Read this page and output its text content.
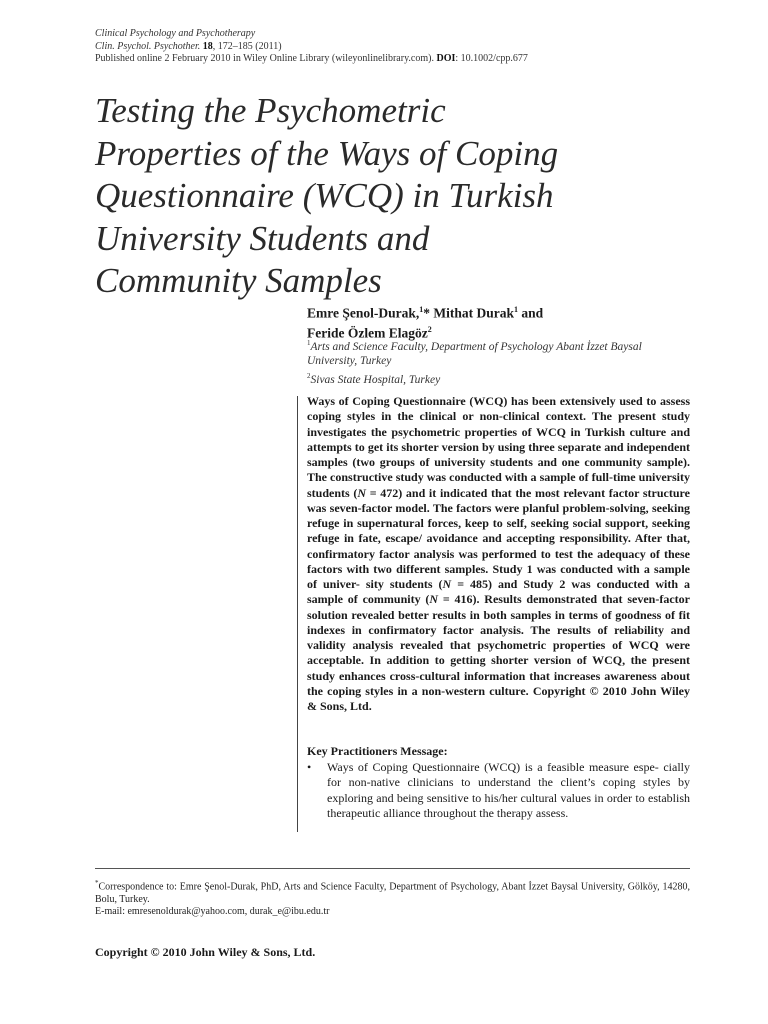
Clinical Psychology and Psychotherapy
Clin. Psychol. Psychother. 18, 172–185 (2011)
Published online 2 February 2010 in Wiley Online Library (wileyonlinelibrary.com). DOI: 10.1002/cpp.677
Testing the Psychometric
Properties of the Ways of Coping
Questionnaire (WCQ) in Turkish
University Students and
Community Samples
Emre Şenol-Durak,$^1$* Mithat Durak$^1$ and
Feride Özlem Elagöz$^2$
$^1$Arts and Science Faculty, Department of Psychology Abant İzzet Baysal
University, Turkey
$^2$Sivas State Hospital, Turkey

Ways of Coping Questionnaire (WCQ) has been extensively used to assess coping styles in the clinical or non-clinical context. The present study investigates the psychometric properties of WCQ in Turkish culture and attempts to get its shorter version by using three separate and independent samples (two groups of university students and one community sample). The constructive study was conducted with a sample of full-time university students (N = 472) and it indicated that the most relevant factor structure was seven-factor model. The factors were planful problem-solving, seeking refuge in supernatural forces, keep to self, seeking social support, seeking refuge in fate, escape/ avoidance and accepting responsibility. After that, confirmatory factor analysis was performed to test the adequacy of these factors with two different samples. Study 1 was conducted with a sample of univer- sity students (N = 485) and Study 2 was conducted with a sample of community (N = 416). Results demonstrated that seven-factor solution revealed better results in both samples in terms of goodness of fit indexes in confirmatory factor analysis. The results of reliability and validity analysis revealed that psychometric properties of WCQ were acceptable. In addition to getting shorter version of WCQ, the present study enhances cross-cultural information that increases awareness about the coping styles in a non-western culture. Copyright © 2010 John Wiley & Sons, Ltd.

Key Practitioners Message:
• Ways of Coping Questionnaire (WCQ) is a feasible measure espe- cially for non-native clinicians to understand the client’s coping styles by exploring and being sensitive to his/her cultural values in order to establish therapeutic alliance throughout the therapy assess.
*Correspondence to: Emre Şenol-Durak, PhD, Arts and Science Faculty, Department of Psychology, Abant İzzet Baysal University, Gölköy, 14280, Bolu, Turkey.
E-mail: emresenoldurak@yahoo.com, durak_e@ibu.edu.tr
Copyright © 2010 John Wiley & Sons, Ltd.
